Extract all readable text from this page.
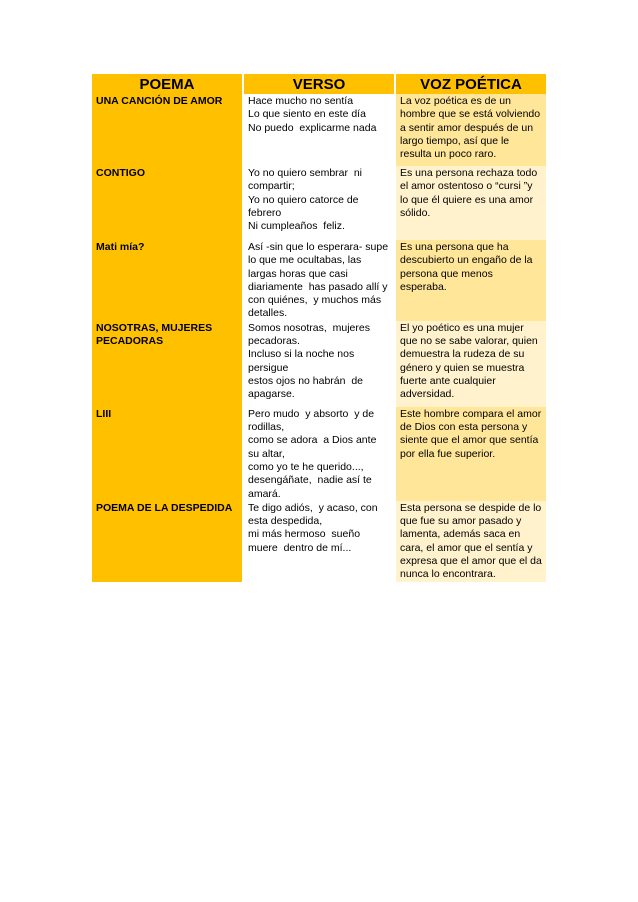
POEMA	VERSO	VOZ POÉTICA
UNA CANCIÓN DE AMOR	Hace mucho no sentía
Lo que siento en este día
No puedo  explicarme nada	La voz poética es de un hombre que se está volviendo a sentir amor después de un largo tiempo, así que le resulta un poco raro.
CONTIGO	Yo no quiero sembrar  ni compartir;
Yo no quiero catorce de febrero
Ni cumpleaños  feliz.	Es una persona rechaza todo el amor ostentoso o “cursi ”y lo que él quiere es una amor sólido.
Mati mía?	Así -sin que lo esperara- supe lo que me ocultabas, las largas horas que casi diariamente  has pasado allí y con quiénes,  y muchos más detalles.	Es una persona que ha descubierto un engaño de la persona que menos esperaba.
NOSOTRAS, MUJERES PECADORAS	Somos nosotras,  mujeres pecadoras.
Incluso si la noche nos persigue
estos ojos no habrán  de apagarse.	El yo poético es una mujer que no se sabe valorar, quien demuestra la rudeza de su género y quien se muestra fuerte ante cualquier adversidad.
LIII	Pero mudo  y absorto  y de rodillas,
como se adora  a Dios ante su altar,
como yo te he querido...,
desengáñate,  nadie así te amará.	Este hombre compara el amor de Dios con esta persona y siente que el amor que sentía por ella fue superior.
POEMA DE LA DESPEDIDA	Te digo adiós,  y acaso, con esta despedida,
mi más hermoso  sueño
muere  dentro de mí...	Esta persona se despide de lo que fue su amor pasado y lamenta, además saca en cara, el amor que el sentía y expresa que el amor que el da nunca lo encontrara.
